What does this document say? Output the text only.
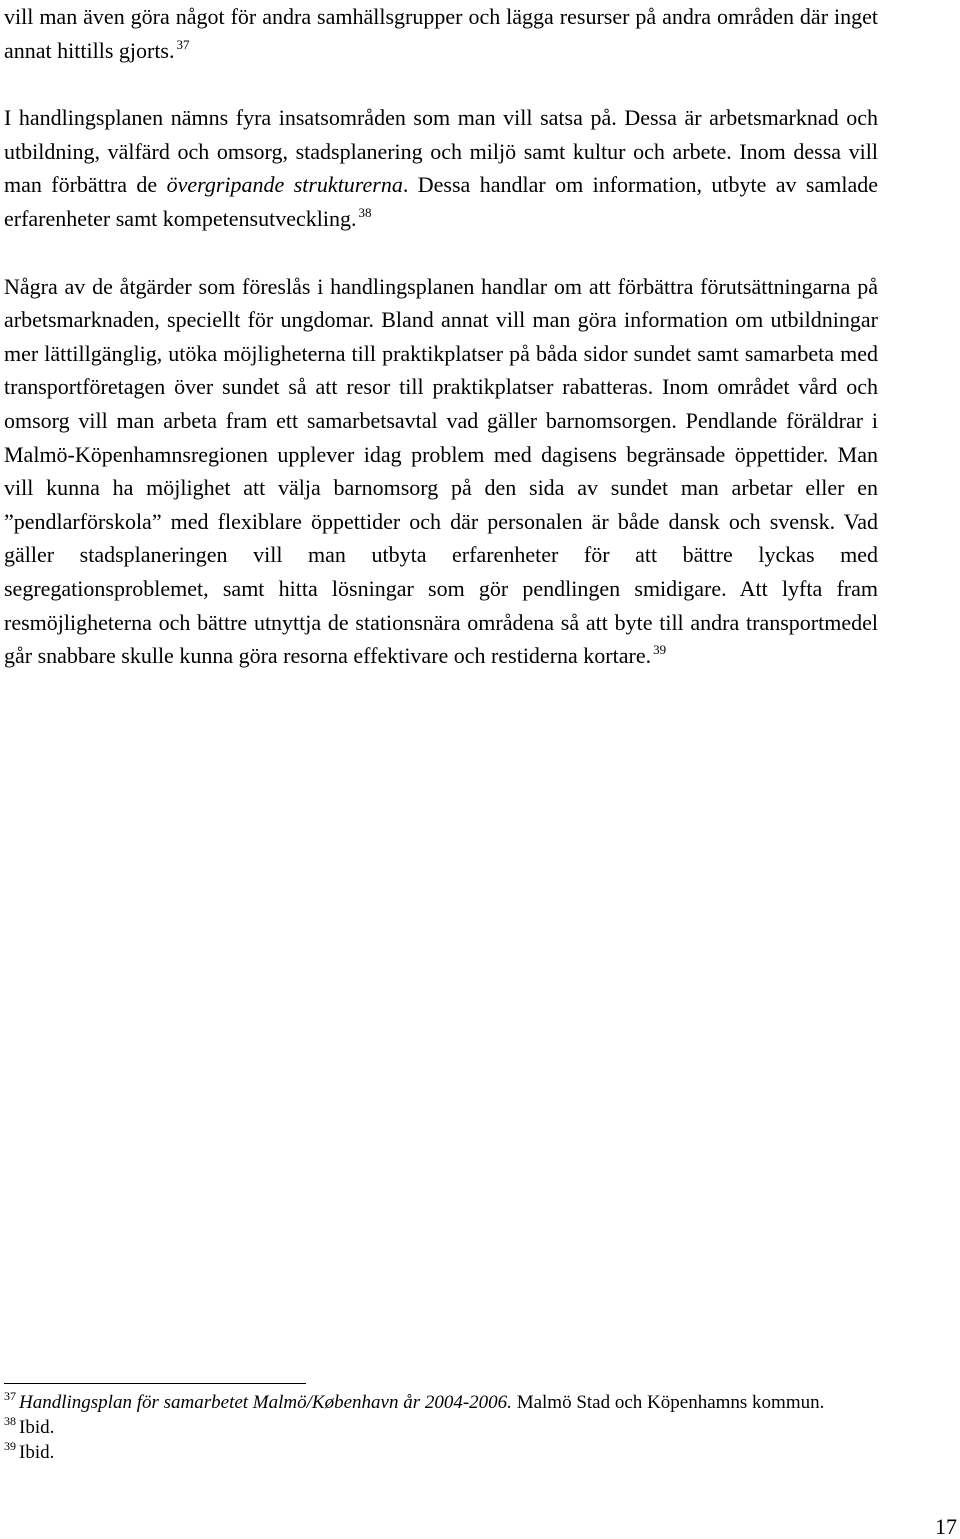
vill man även göra något för andra samhällsgrupper och lägga resurser på andra områden där inget annat hittills gjorts. $^{37}$

I handlingsplanen nämns fyra insatsområden som man vill satsa på. Dessa är arbetsmarknad och utbildning, välfärd och omsorg, stadsplanering och miljö samt kultur och arbete. Inom dessa vill man förbättra de övergripande strukturerna. Dessa handlar om information, utbyte av samlade erfarenheter samt kompetensutveckling. $^{38}$

Några av de åtgärder som föreslås i handlingsplanen handlar om att förbättra förutsättningarna på arbetsmarknaden, speciellt för ungdomar. Bland annat vill man göra information om utbildningar mer lättillgänglig, utöka möjligheterna till praktikplatser på båda sidor sundet samt samarbeta med transportföretagen över sundet så att resor till praktikplatser rabatteras. Inom området vård och omsorg vill man arbeta fram ett samarbetsavtal vad gäller barnomsorgen. Pendlande föräldrar i Malmö-Köpenhamnsregionen upplever idag problem med dagisens begränsade öppettider. Man vill kunna ha möjlighet att välja barnomsorg på den sida av sundet man arbetar eller en ”pendlarförskola” med flexiblare öppettider och där personalen är både dansk och svensk. Vad gäller stadsplaneringen vill man utbyta erfarenheter för att bättre lyckas med segregationsproblemet, samt hitta lösningar som gör pendlingen smidigare. Att lyfta fram resmöjligheterna och bättre utnyttja de stationsnära områdena så att byte till andra transportmedel går snabbare skulle kunna göra resorna effektivare och restiderna kortare. $^{39}$

$^{37}$ Handlingsplan för samarbetet Malmö/København år 2004-2006. Malmö Stad och Köpenhamns kommun.
$^{38}$ Ibid.
$^{39}$ Ibid.
17
